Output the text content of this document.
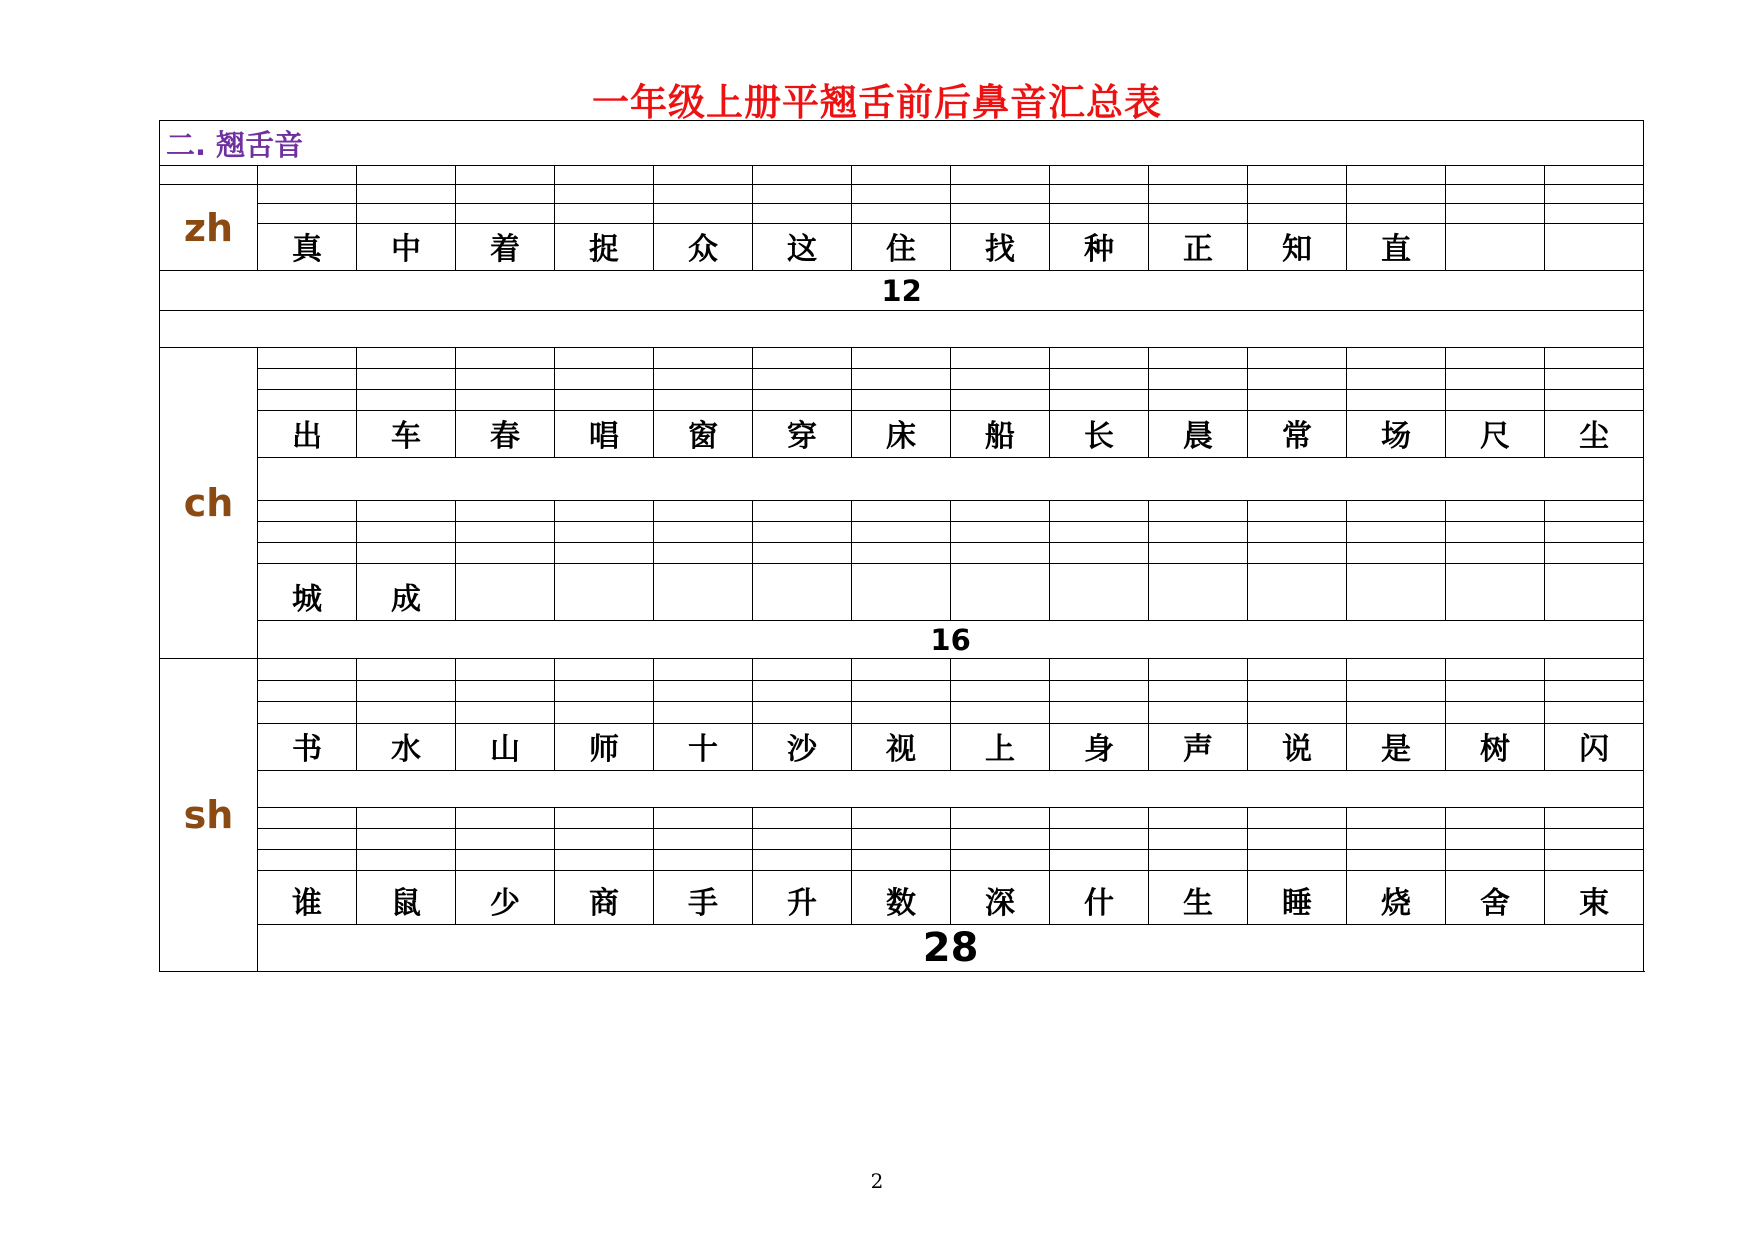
一年级上册平翘舌前后鼻音汇总表
二. 翘舌音														

zh														

	真	中	着	捉	众	这	住	找	种	正	知	直		
12														

ch														

	出	车	春	唱	窗	穿	床	船	长	晨	常	场	尺	尘

	城	成												
	16													
sh														

	书	水	山	师	十	沙	视	上	身	声	说	是	树	闪

	谁	鼠	少	商	手	升	数	深	什	生	睡	烧	舍	束
	28													
2
